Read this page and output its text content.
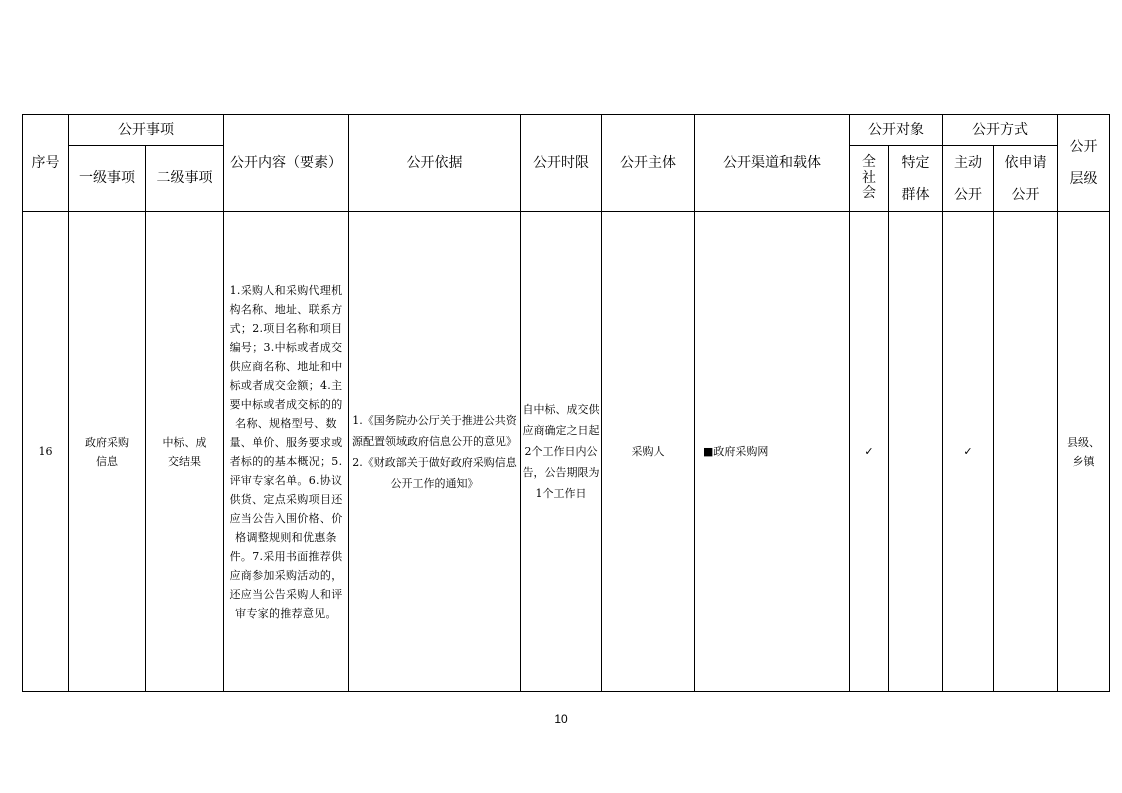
序号	公开事项		公开内容（要素）	公开依据	公开时限	公开主体	公开渠道和载体	公开对象		公开方式		公开层级
	一级事项	二级事项						全社会	特定群体	主动公开	依申请公开	

16	政府采购信息	中标、成交结果	1.采购人和采购代理机构名称、地址、联系方式；2.项目名称和项目编号；3.中标或者成交供应商名称、地址和中标或者成交金额；4.主要中标或者成交标的的名称、规格型号、数量、单价、服务要求或者标的的基本概况；5.评审专家名单。6.协议供货、定点采购项目还应当公告入围价格、价格调整规则和优惠条件。7.采用书面推荐供应商参加采购活动的，还应当公告采购人和评审专家的推荐意见。	1.《国务院办公厅关于推进公共资源配置领域政府信息公开的意见》
2.《财政部关于做好政府采购信息公开工作的通知》	自中标、成交供应商确定之日起2个工作日内公告，公告期限为1个工作日	采购人	■政府采购网	✓		✓		县级、乡镇
10
